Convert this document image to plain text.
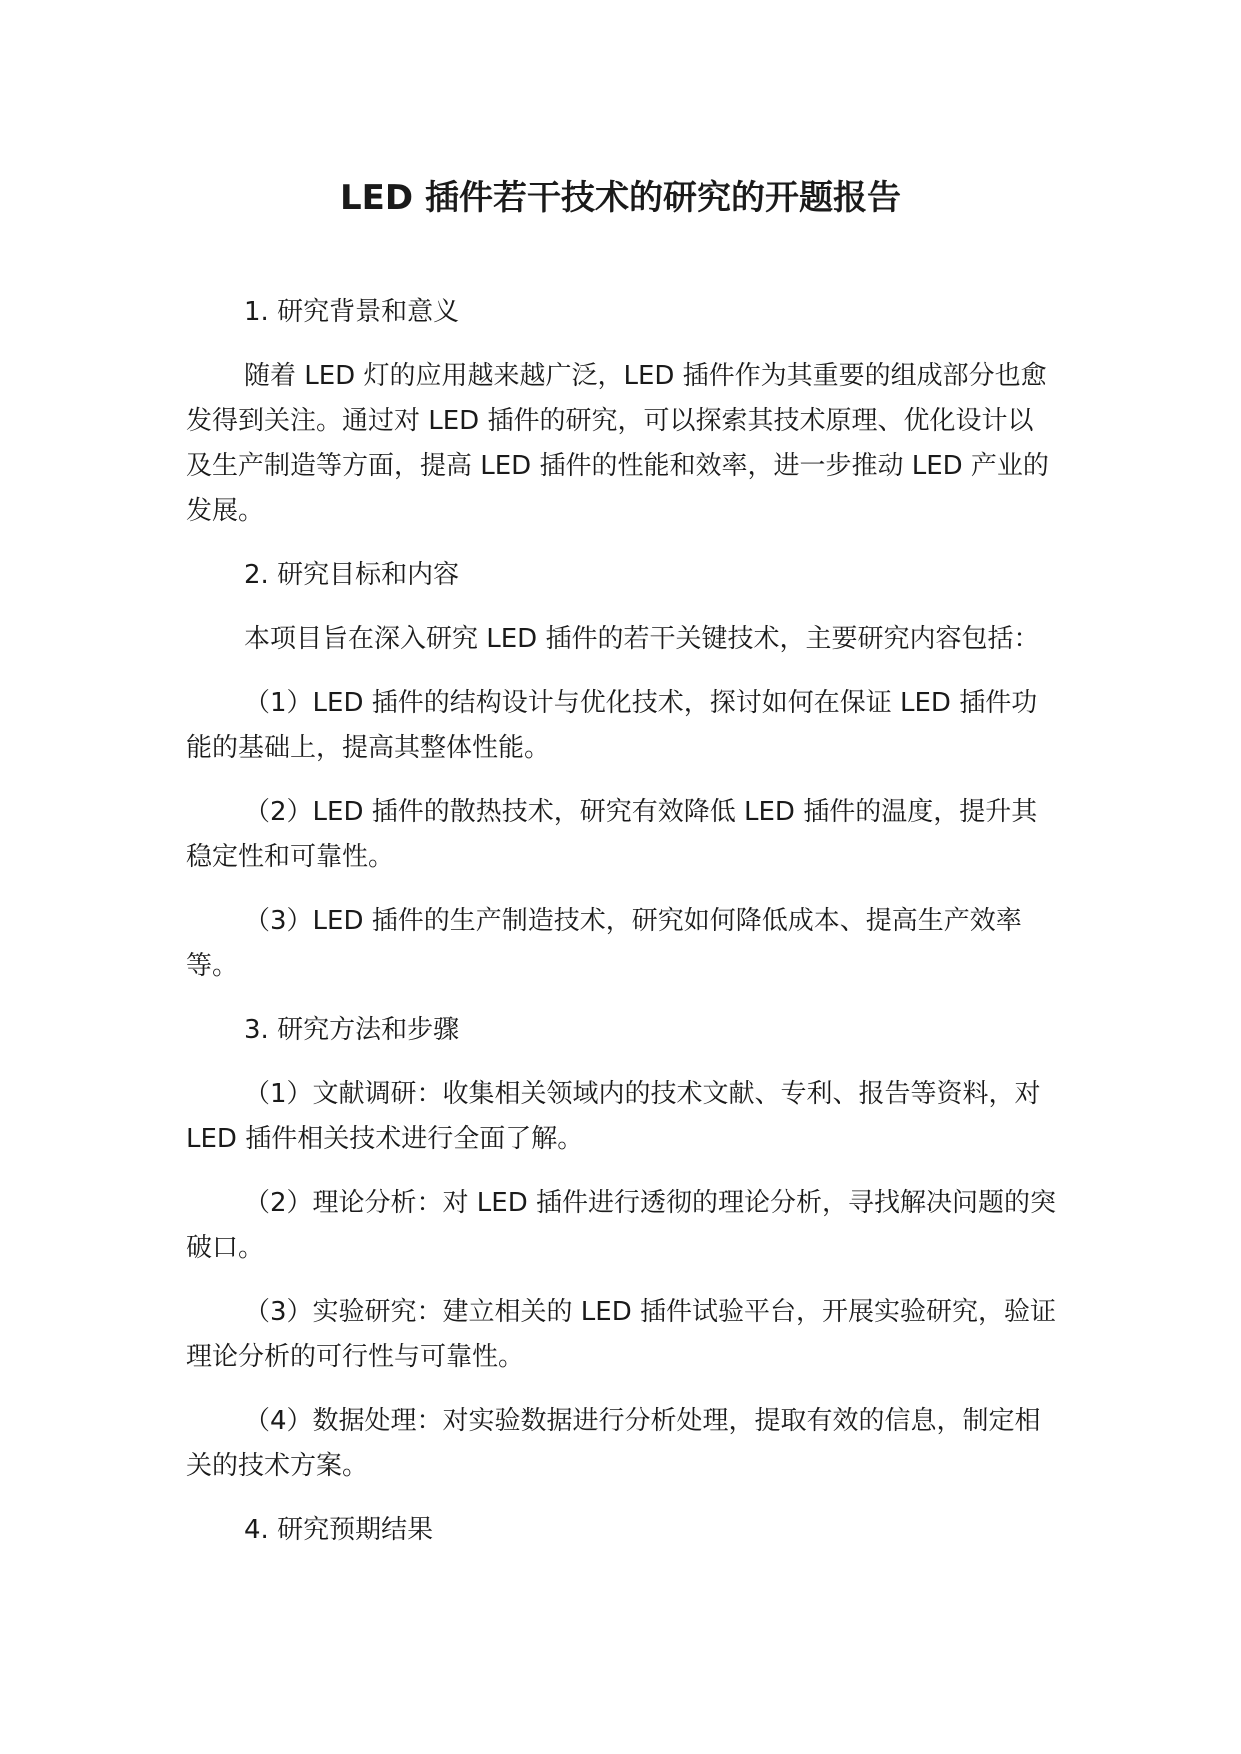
LED 插件若干技术的研究的开题报告

1. 研究背景和意义

随着 LED 灯的应用越来越广泛，LED 插件作为其重要的组成部分也愈发得到关注。通过对 LED 插件的研究，可以探索其技术原理、优化设计以及生产制造等方面，提高 LED 插件的性能和效率，进一步推动 LED 产业的发展。

2. 研究目标和内容

本项目旨在深入研究 LED 插件的若干关键技术，主要研究内容包括：

（1）LED 插件的结构设计与优化技术，探讨如何在保证 LED 插件功能的基础上，提高其整体性能。

（2）LED 插件的散热技术，研究有效降低 LED 插件的温度，提升其稳定性和可靠性。

（3）LED 插件的生产制造技术，研究如何降低成本、提高生产效率等。

3. 研究方法和步骤

（1）文献调研：收集相关领域内的技术文献、专利、报告等资料，对 LED 插件相关技术进行全面了解。

（2）理论分析：对 LED 插件进行透彻的理论分析，寻找解决问题的突破口。

（3）实验研究：建立相关的 LED 插件试验平台，开展实验研究，验证理论分析的可行性与可靠性。

（4）数据处理：对实验数据进行分析处理，提取有效的信息，制定相关的技术方案。

4. 研究预期结果
